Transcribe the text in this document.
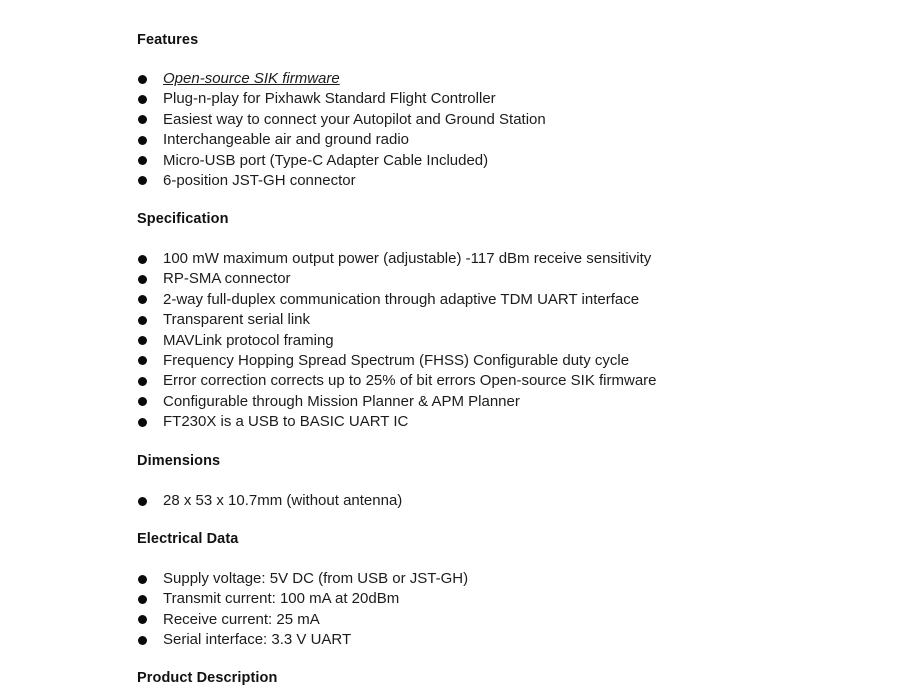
Features
Open-source SIK firmware
Plug-n-play for Pixhawk Standard Flight Controller
Easiest way to connect your Autopilot and Ground Station
Interchangeable air and ground radio
Micro-USB port (Type-C Adapter Cable Included)
6-position JST-GH connector
Specification
100 mW maximum output power (adjustable) -117 dBm receive sensitivity
RP-SMA connector
2-way full-duplex communication through adaptive TDM UART interface
Transparent serial link
MAVLink protocol framing
Frequency Hopping Spread Spectrum (FHSS) Configurable duty cycle
Error correction corrects up to 25% of bit errors Open-source SIK firmware
Configurable through Mission Planner & APM Planner
FT230X is a USB to BASIC UART IC
Dimensions
28 x 53 x 10.7mm (without antenna)
Electrical Data
Supply voltage: 5V DC (from USB or JST-GH)
Transmit current: 100 mA at 20dBm
Receive current: 25 mA
Serial interface: 3.3 V UART
Product Description
